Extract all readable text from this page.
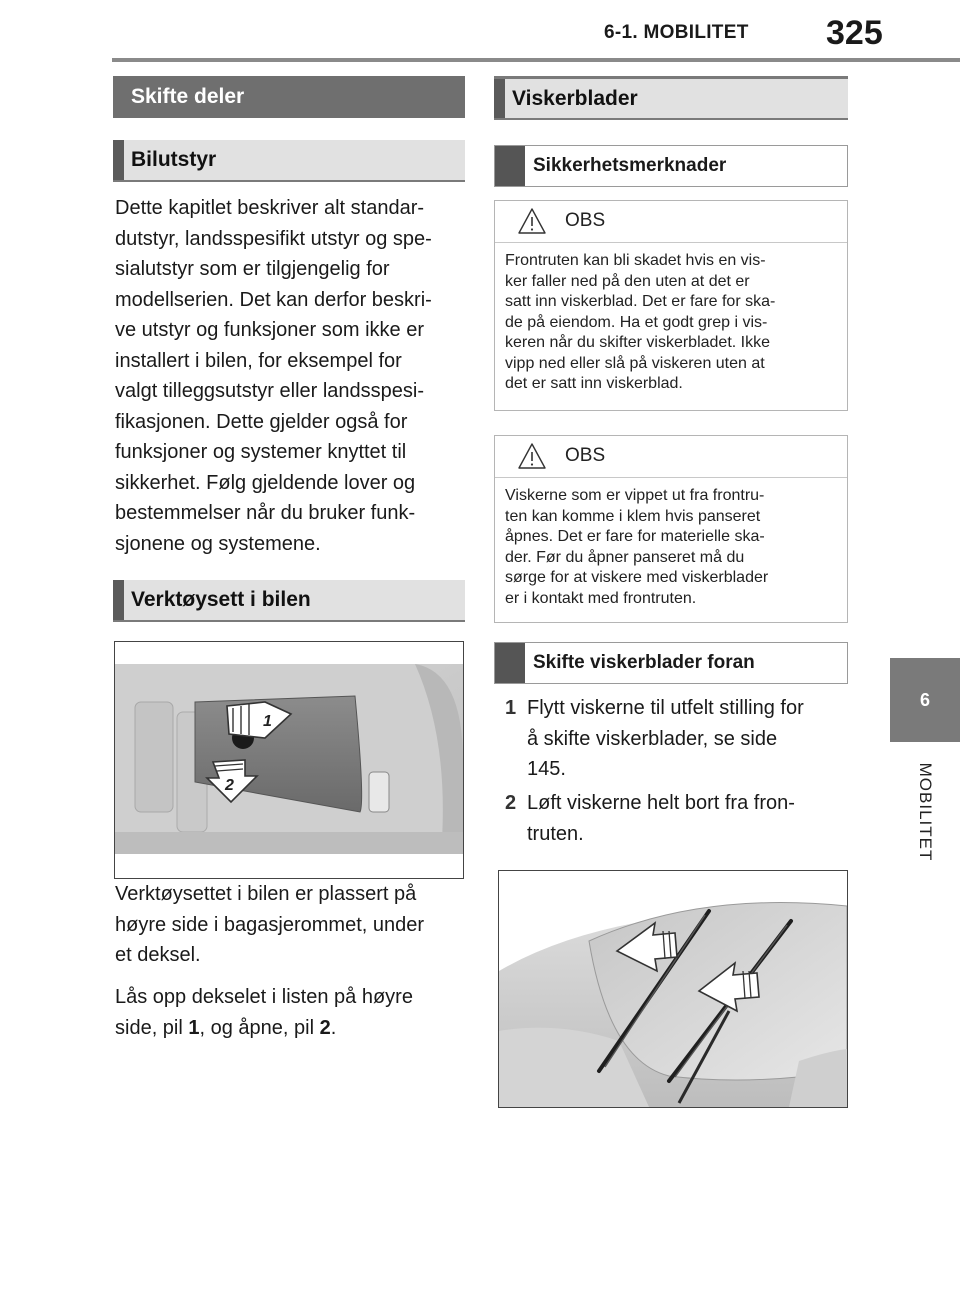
6-1. MOBILITET 325
6
MOBILITET
Skifte deler
Bilutstyr
Dette kapitlet beskriver alt standar-
dutstyr, landsspesifikt utstyr og spe-
sialutstyr som er tilgjengelig for
modellserien. Det kan derfor beskri-
ve utstyr og funksjoner som ikke er
installert i bilen, for eksempel for
valgt tilleggsutstyr eller landsspesi-
fikasjonen. Dette gjelder også for
funksjoner og systemer knyttet til
sikkerhet. Følg gjeldende lover og
bestemmelser når du bruker funk-
sjonene og systemene.
Verktøysett i bilen
1
2
Verktøysettet i bilen er plassert på
høyre side i bagasjerommet, under
et deksel.
Lås opp dekselet i listen på høyre
side, pil 1, og åpne, pil 2.
Viskerblader
Sikkerhetsmerknader
OBS
Frontruten kan bli skadet hvis en vis-
ker faller ned på den uten at det er
satt inn viskerblad. Det er fare for ska-
de på eiendom. Ha et godt grep i vis-
keren når du skifter viskerbladet. Ikke
vipp ned eller slå på viskeren uten at
det er satt inn viskerblad.
OBS
Viskerne som er vippet ut fra frontru-
ten kan komme i klem hvis panseret
åpnes. Det er fare for materielle ska-
der. Før du åpner panseret må du
sørge for at viskere med viskerblader
er i kontakt med frontruten.
Skifte viskerblader foran
1 Flytt viskerne til utfelt stilling for
å skifte viskerblader, se side
145.
2 Løft viskerne helt bort fra fron-
truten.
